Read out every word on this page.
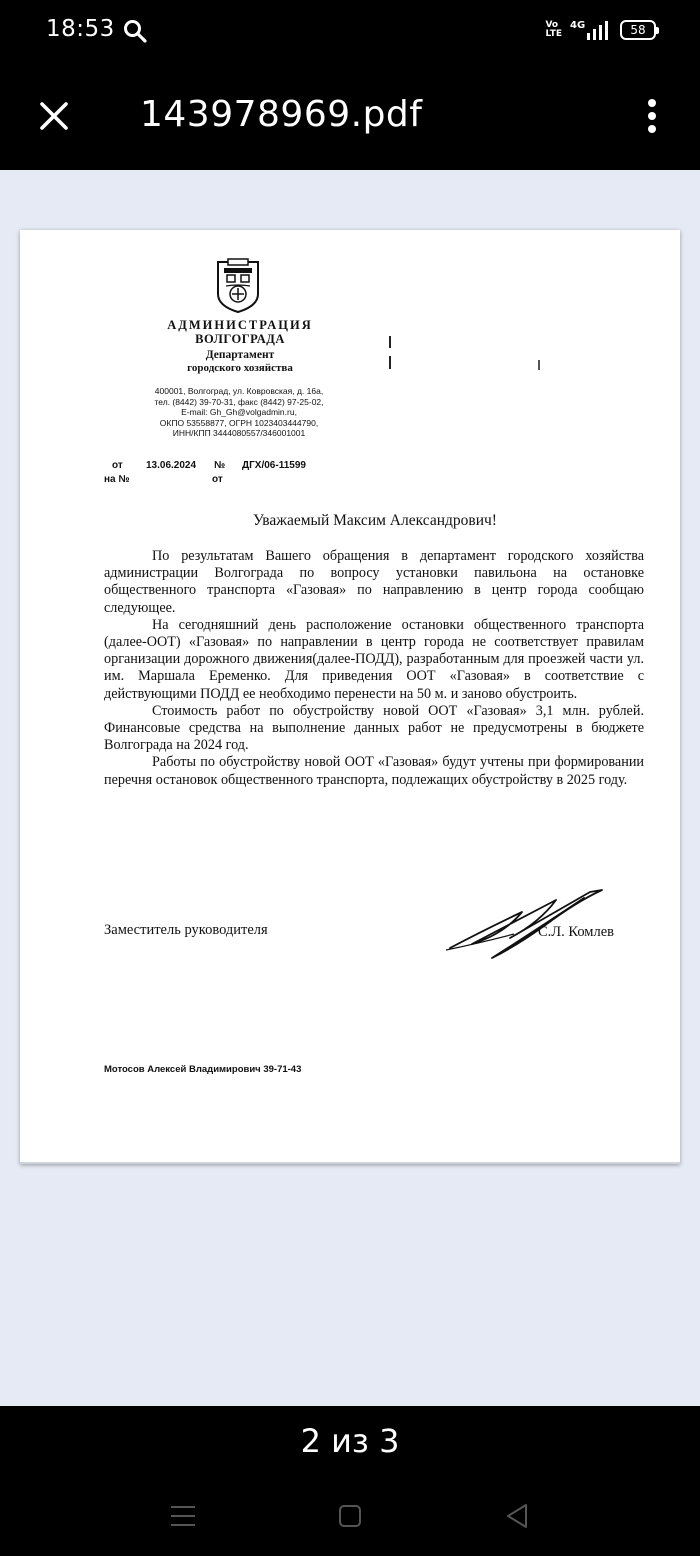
18:53	Vo
LTE
4G	58
143978969.pdf
АДМИНИСТРАЦИЯ
ВОЛГОГРАДА
Департамент
городского хозяйства
400001, Волгоград, ул. Ковровская, д. 16а,
тел. (8442) 39-70-31, факс (8442) 97-25-02,
E-mail: Gh_Gh@volgadmin.ru,
ОКПО 53558877, ОГРН 1023403444790,
ИНН/КПП 3444080557/346001001
от 13.06.2024 № ДГХ/06-11599
на №	от
Уважаемый Максим Александрович!

По результатам Вашего обращения в департамент городского хозяйства администрации Волгограда по вопросу установки павильона на остановке общественного транспорта «Газовая» по направлению в центр города сообщаю следующее.

На сегодняшний день расположение остановки общественного транспорта (далее-ООТ) «Газовая» по направлении в центр города не соответствует правилам организации дорожного движения(далее-ПОДД), разработанным для проезжей части ул. им. Маршала Еременко. Для приведения ООТ «Газовая» в соответствие с действующими ПОДД ее необходимо перенести на 50 м. и заново обустроить.

Стоимость работ по обустройству новой ООТ «Газовая» 3,1 млн. рублей. Финансовые средства на выполнение данных работ не предусмотрены в бюджете Волгограда на 2024 год.

Работы по обустройству новой ООТ «Газовая» будут учтены при формировании перечня остановок общественного транспорта, подлежащих обустройству в 2025 году.

Заместитель руководителя	С.Л. Комлев
Мотосов Алексей Владимирович 39-71-43
2 из 3
